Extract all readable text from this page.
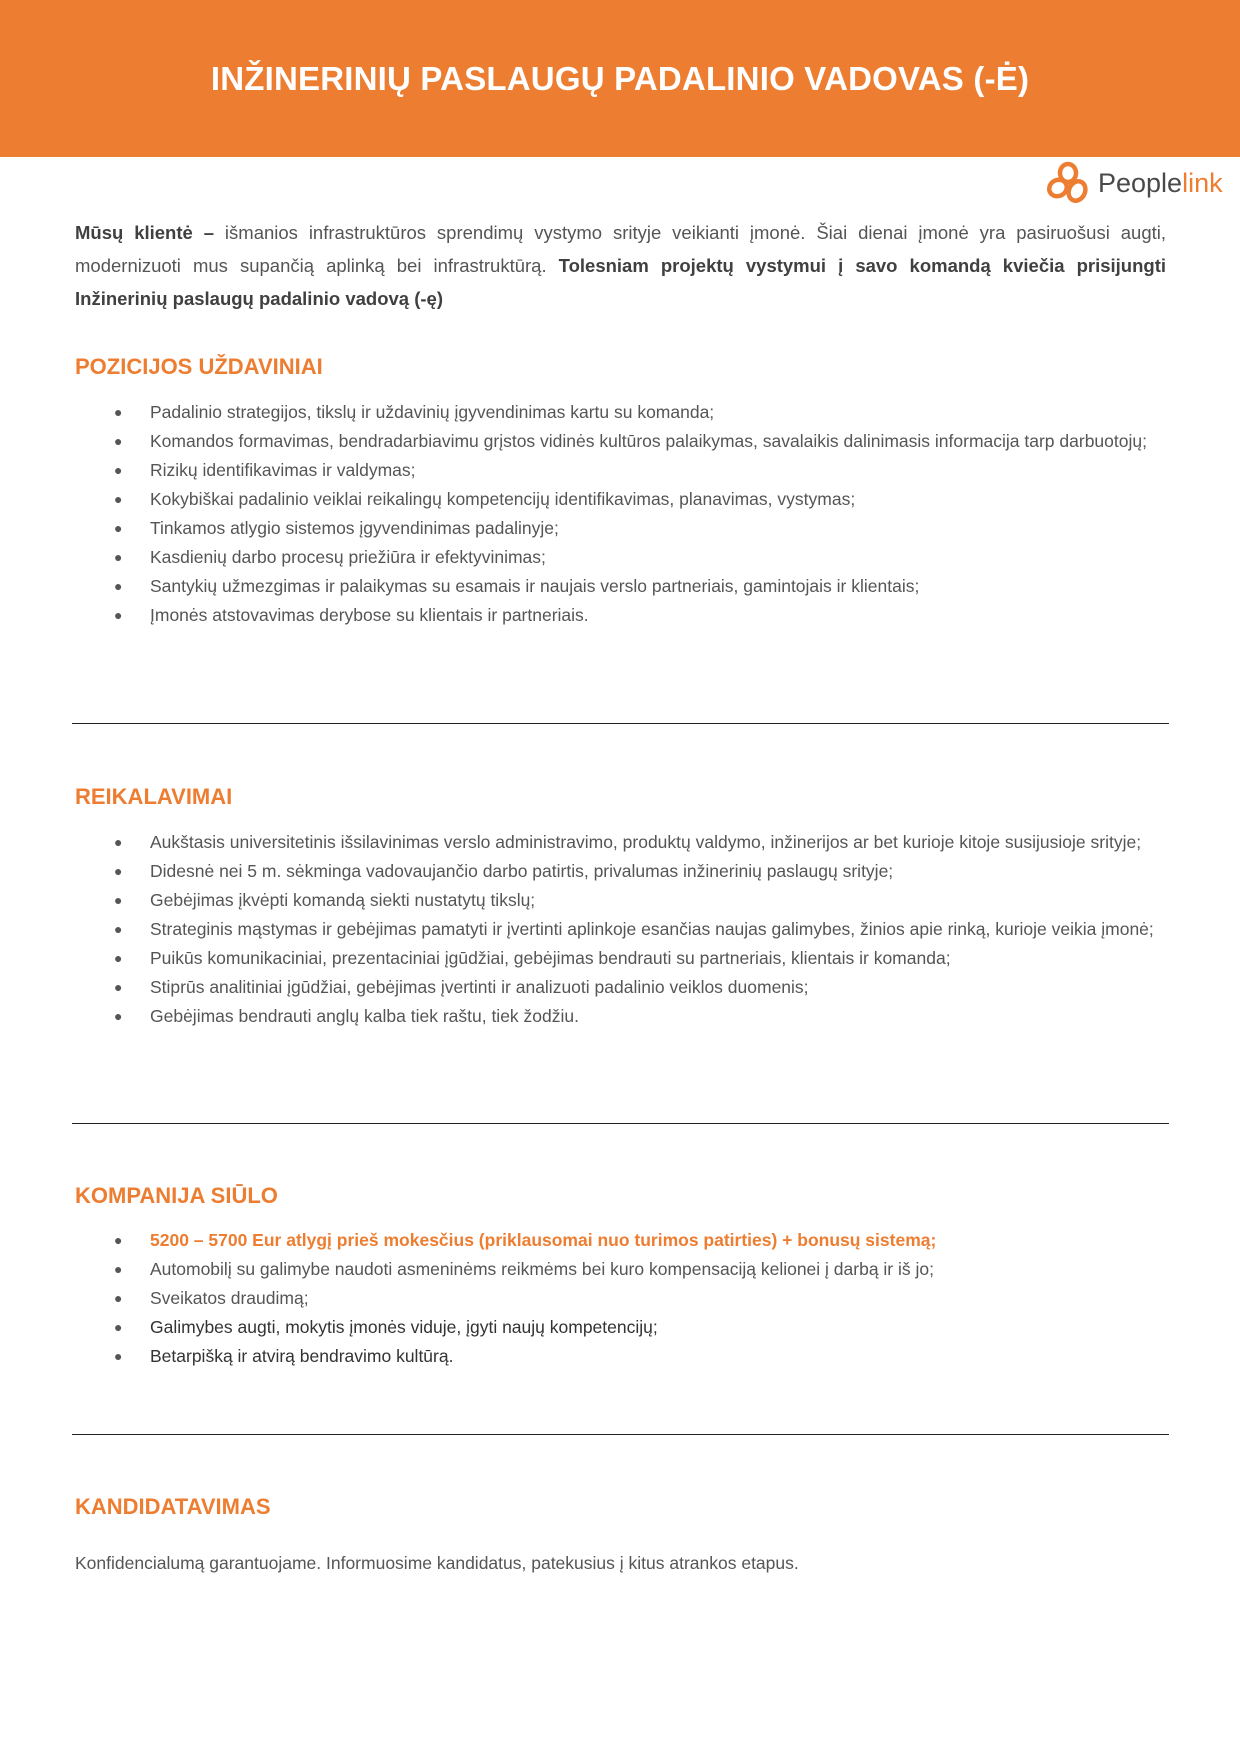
INŽINERINIŲ PASLAUGŲ PADALINIO VADOVAS (-Ė)
Peoplelink
Mūsų klientė – išmanios infrastruktūros sprendimų vystymo srityje veikianti įmonė. Šiai dienai įmonė yra pasiruošusi augti, modernizuoti mus supančią aplinką bei infrastruktūrą. Tolesniam projektų vystymui į savo komandą kviečia prisijungti Inžinerinių paslaugų padalinio vadovą (-ę)
POZICIJOS UŽDAVINIAI
● Padalinio strategijos, tikslų ir uždavinių įgyvendinimas kartu su komanda;
● Komandos formavimas, bendradarbiavimu grįstos vidinės kultūros palaikymas, savalaikis dalinimasis informacija tarp darbuotojų;
● Rizikų identifikavimas ir valdymas;
● Kokybiškai padalinio veiklai reikalingų kompetencijų identifikavimas, planavimas, vystymas;
● Tinkamos atlygio sistemos įgyvendinimas padalinyje;
● Kasdienių darbo procesų priežiūra ir efektyvinimas;
● Santykių užmezgimas ir palaikymas su esamais ir naujais verslo partneriais, gamintojais ir klientais;
● Įmonės atstovavimas derybose su klientais ir partneriais.
REIKALAVIMAI
● Aukštasis universitetinis išsilavinimas verslo administravimo, produktų valdymo, inžinerijos ar bet kurioje kitoje susijusioje srityje;
● Didesnė nei 5 m. sėkminga vadovaujančio darbo patirtis, privalumas inžinerinių paslaugų srityje;
● Gebėjimas įkvėpti komandą siekti nustatytų tikslų;
● Strateginis mąstymas ir gebėjimas pamatyti ir įvertinti aplinkoje esančias naujas galimybes, žinios apie rinką, kurioje veikia įmonė;
● Puikūs komunikaciniai, prezentaciniai įgūdžiai, gebėjimas bendrauti su partneriais, klientais ir komanda;
● Stiprūs analitiniai įgūdžiai, gebėjimas įvertinti ir analizuoti padalinio veiklos duomenis;
● Gebėjimas bendrauti anglų kalba tiek raštu, tiek žodžiu.
KOMPANIJA SIŪLO
● 5200 – 5700 Eur atlygį prieš mokesčius (priklausomai nuo turimos patirties) + bonusų sistemą;
● Automobilį su galimybe naudoti asmeninėms reikmėms bei kuro kompensaciją kelionei į darbą ir iš jo;
● Sveikatos draudimą;
● Galimybes augti, mokytis įmonės viduje, įgyti naujų kompetencijų;
● Betarpišką ir atvirą bendravimo kultūrą.
KANDIDATAVIMAS
Konfidencialumą garantuojame. Informuosime kandidatus, patekusius į kitus atrankos etapus.
